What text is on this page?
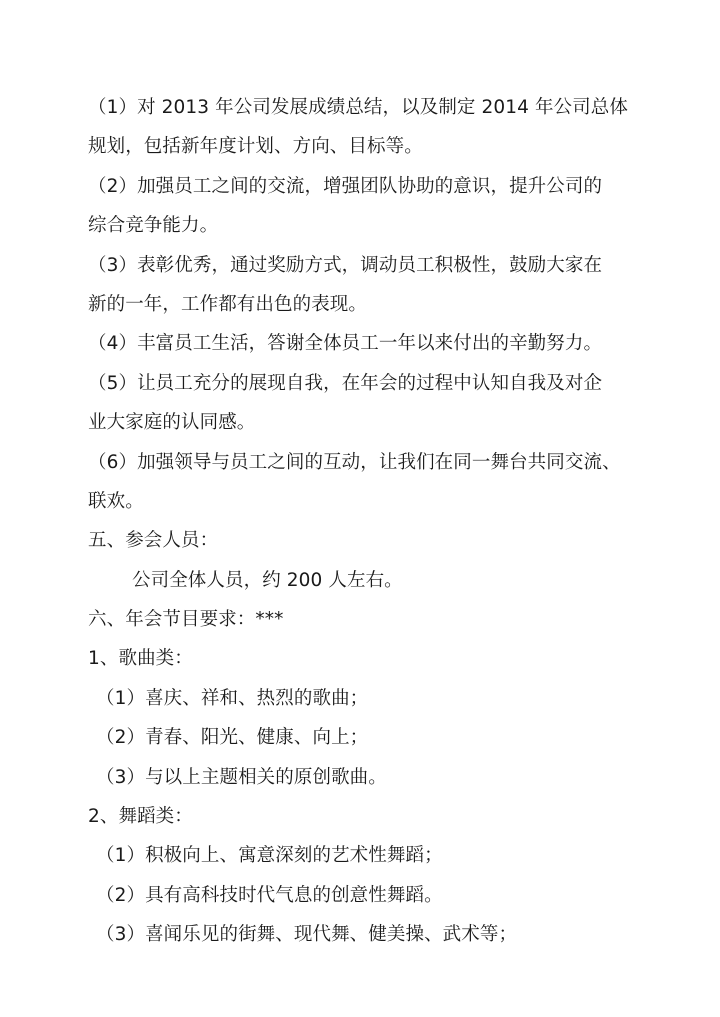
（1）对 2013 年公司发展成绩总结，以及制定 2014 年公司总体
规划，包括新年度计划、方向、目标等。
（2）加强员工之间的交流，增强团队协助的意识，提升公司的
综合竞争能力。
（3）表彰优秀，通过奖励方式，调动员工积极性，鼓励大家在
新的一年，工作都有出色的表现。
（4）丰富员工生活，答谢全体员工一年以来付出的辛勤努力。
（5）让员工充分的展现自我，在年会的过程中认知自我及对企
业大家庭的认同感。
（6）加强领导与员工之间的互动，让我们在同一舞台共同交流、
联欢。
五、参会人员：
公司全体人员，约 200 人左右。
六、年会节目要求：***
1、歌曲类：
（1）喜庆、祥和、热烈的歌曲；
（2）青春、阳光、健康、向上；
（3）与以上主题相关的原创歌曲。
2、舞蹈类：
（1）积极向上、寓意深刻的艺术性舞蹈；
（2）具有高科技时代气息的创意性舞蹈。
（3）喜闻乐见的街舞、现代舞、健美操、武术等；
